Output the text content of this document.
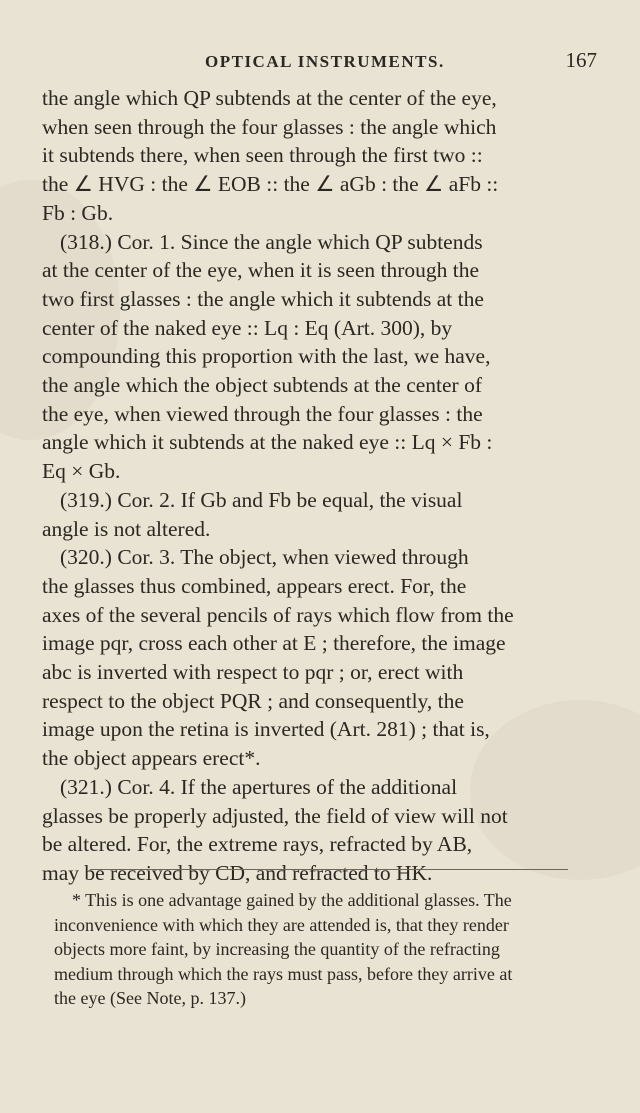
OPTICAL INSTRUMENTS.	167
the angle which QP subtends at the center of the eye,
when seen through the four glasses : the angle which
it subtends there, when seen through the first two ::
the ∠ HVG : the ∠ EOB :: the ∠ aGb : the ∠ aFb ::
Fb : Gb.
(318.) Cor. 1. Since the angle which QP subtends
at the center of the eye, when it is seen through the
two first glasses : the angle which it subtends at the
center of the naked eye :: Lq : Eq (Art. 300), by
compounding this proportion with the last, we have,
the angle which the object subtends at the center of
the eye, when viewed through the four glasses : the
angle which it subtends at the naked eye :: Lq × Fb :
Eq × Gb.
(319.) Cor. 2. If Gb and Fb be equal, the visual
angle is not altered.
(320.) Cor. 3. The object, when viewed through
the glasses thus combined, appears erect. For, the
axes of the several pencils of rays which flow from the
image pqr, cross each other at E ; therefore, the image
abc is inverted with respect to pqr ; or, erect with
respect to the object PQR ; and consequently, the
image upon the retina is inverted (Art. 281) ; that is,
the object appears erect*.
(321.) Cor. 4. If the apertures of the additional
glasses be properly adjusted, the field of view will not
be altered. For, the extreme rays, refracted by AB,
may be received by CD, and refracted to HK.
* This is one advantage gained by the additional glasses. The
inconvenience with which they are attended is, that they render
objects more faint, by increasing the quantity of the refracting
medium through which the rays must pass, before they arrive at
the eye (See Note, p. 137.)
